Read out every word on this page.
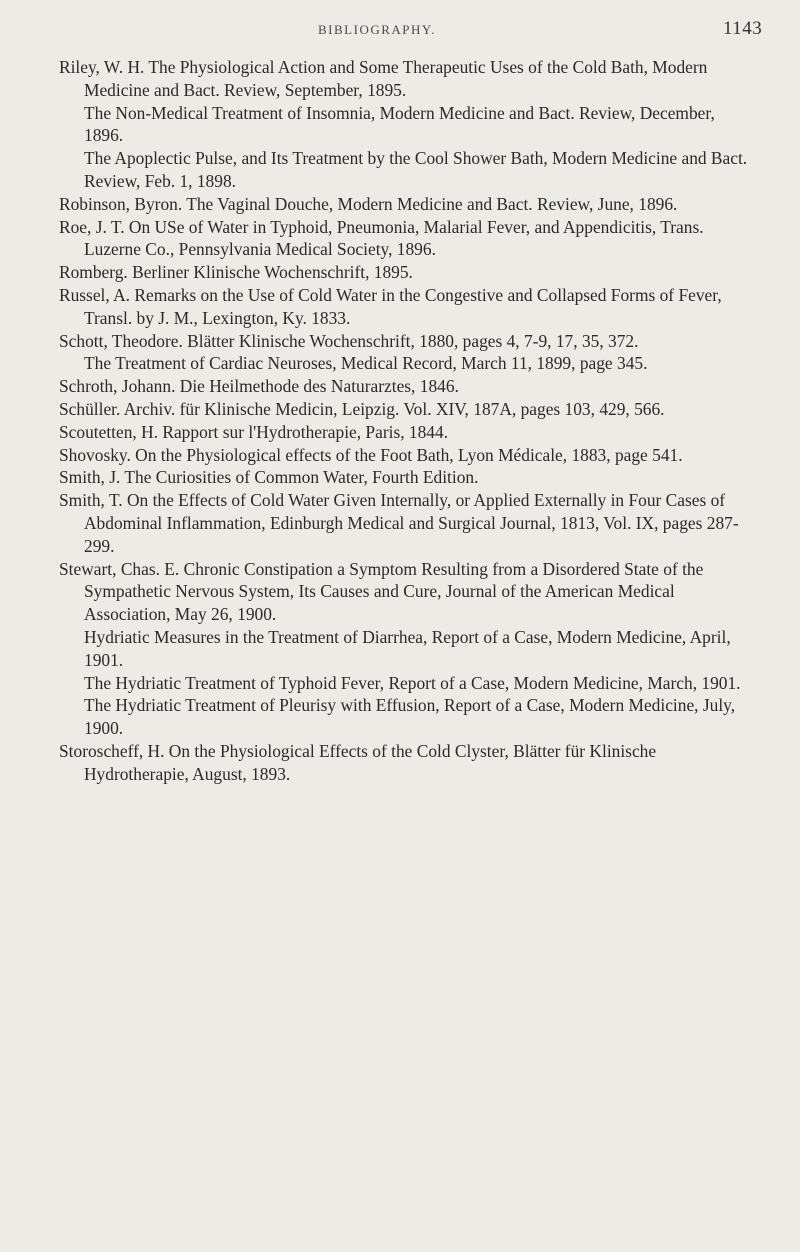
BIBLIOGRAPHY.	1143

Riley, W. H. The Physiological Action and Some Therapeutic Uses of the Cold Bath, Modern Medicine and Bact. Review, September, 1895.

The Non-Medical Treatment of Insomnia, Modern Medicine and Bact. Review, December, 1896.

The Apoplectic Pulse, and Its Treatment by the Cool Shower Bath, Modern Medicine and Bact. Review, Feb. 1, 1898.

Robinson, Byron. The Vaginal Douche, Modern Medicine and Bact. Review, June, 1896.

Roe, J. T. On USe of Water in Typhoid, Pneumonia, Malarial Fever, and Appendicitis, Trans. Luzerne Co., Pennsylvania Medical Society, 1896.

Romberg. Berliner Klinische Wochenschrift, 1895.

Russel, A. Remarks on the Use of Cold Water in the Congestive and Collapsed Forms of Fever, Transl. by J. M., Lexington, Ky. 1833.

Schott, Theodore. Blätter Klinische Wochenschrift, 1880, pages 4, 7-9, 17, 35, 372.

The Treatment of Cardiac Neuroses, Medical Record, March 11, 1899, page 345.

Schroth, Johann. Die Heilmethode des Naturarztes, 1846.

Schüller. Archiv. für Klinische Medicin, Leipzig. Vol. XIV, 187A, pages 103, 429, 566.

Scoutetten, H. Rapport sur l'Hydrotherapie, Paris, 1844.

Shovosky. On the Physiological effects of the Foot Bath, Lyon Médicale, 1883, page 541.

Smith, J. The Curiosities of Common Water, Fourth Edition.

Smith, T. On the Effects of Cold Water Given Internally, or Applied Externally in Four Cases of Abdominal Inflammation, Edinburgh Medical and Surgical Journal, 1813, Vol. IX, pages 287-299.

Stewart, Chas. E. Chronic Constipation a Symptom Resulting from a Disordered State of the Sympathetic Nervous System, Its Causes and Cure, Journal of the American Medical Association, May 26, 1900.

Hydriatic Measures in the Treatment of Diarrhea, Report of a Case, Modern Medicine, April, 1901.

The Hydriatic Treatment of Typhoid Fever, Report of a Case, Modern Medicine, March, 1901.

The Hydriatic Treatment of Pleurisy with Effusion, Report of a Case, Modern Medicine, July, 1900.

Storoscheff, H. On the Physiological Effects of the Cold Clyster, Blätter für Klinische Hydrotherapie, August, 1893.
